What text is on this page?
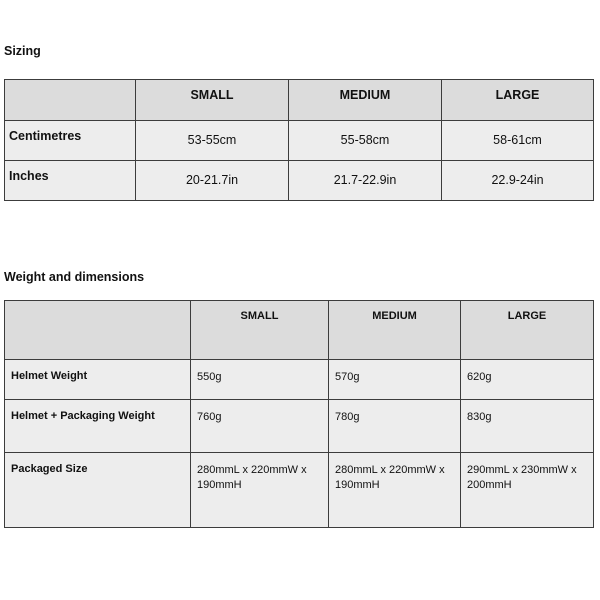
Sizing

	SMALL	MEDIUM	LARGE
Centimetres	53-55cm	55-58cm	58-61cm
Inches	20-21.7in	21.7-22.9in	22.9-24in

Weight and dimensions

	SMALL	MEDIUM	LARGE
Helmet Weight	550g	570g	620g
Helmet + Packaging Weight	760g	780g	830g
Packaged Size	280mmL x 220mmW x 190mmH	280mmL x 220mmW x 190mmH	290mmL x 230mmW x 200mmH
